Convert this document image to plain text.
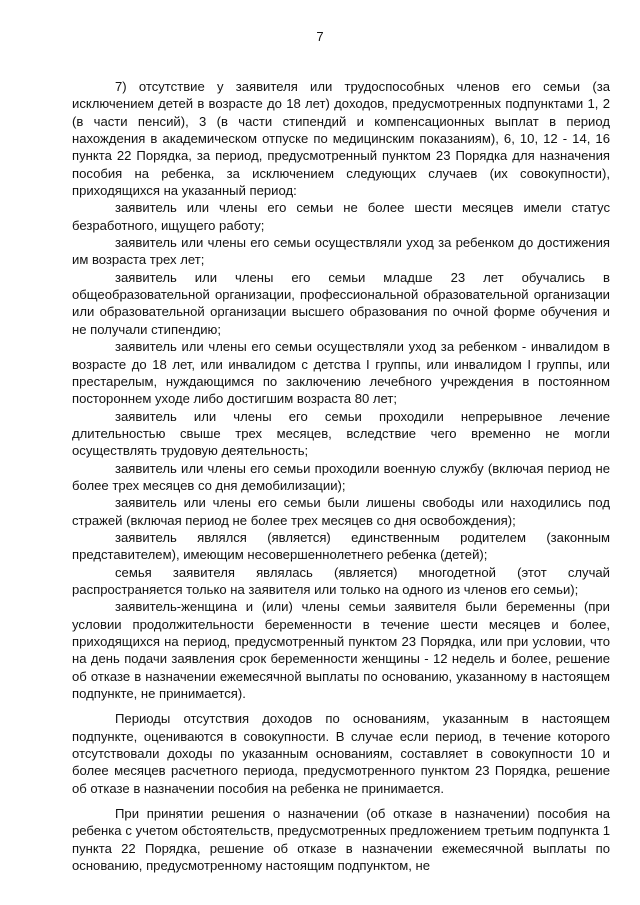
7

7) отсутствие у заявителя или трудоспособных членов его семьи (за исключением детей в возрасте до 18 лет) доходов, предусмотренных подпунктами 1, 2 (в части пенсий), 3 (в части стипендий и компенсационных выплат в период нахождения в академическом отпуске по медицинским показаниям), 6, 10, 12 - 14, 16 пункта 22 Порядка, за период, предусмотренный пунктом 23 Порядка для назначения пособия на ребенка, за исключением следующих случаев (их совокупности), приходящихся на указанный период:

заявитель или члены его семьи не более шести месяцев имели статус безработного, ищущего работу;

заявитель или члены его семьи осуществляли уход за ребенком до достижения им возраста трех лет;

заявитель или члены его семьи младше 23 лет обучались в общеобразовательной организации, профессиональной образовательной организации или образовательной организации высшего образования по очной форме обучения и не получали стипендию;

заявитель или члены его семьи осуществляли уход за ребенком - инвалидом в возрасте до 18 лет, или инвалидом с детства I группы, или инвалидом I группы, или престарелым, нуждающимся по заключению лечебного учреждения в постоянном постороннем уходе либо достигшим возраста 80 лет;

заявитель или члены его семьи проходили непрерывное лечение длительностью свыше трех месяцев, вследствие чего временно не могли осуществлять трудовую деятельность;

заявитель или члены его семьи проходили военную службу (включая период не более трех месяцев со дня демобилизации);

заявитель или члены его семьи были лишены свободы или находились под стражей (включая период не более трех месяцев со дня освобождения);

заявитель являлся (является) единственным родителем (законным представителем), имеющим несовершеннолетнего ребенка (детей);

семья заявителя являлась (является) многодетной (этот случай распространяется только на заявителя или только на одного из членов его семьи);

заявитель-женщина и (или) члены семьи заявителя были беременны (при условии продолжительности беременности в течение шести месяцев и более, приходящихся на период, предусмотренный пунктом 23 Порядка, или при условии, что на день подачи заявления срок беременности женщины - 12 недель и более, решение об отказе в назначении ежемесячной выплаты по основанию, указанному в настоящем подпункте, не принимается).

Периоды отсутствия доходов по основаниям, указанным в настоящем подпункте, оцениваются в совокупности. В случае если период, в течение которого отсутствовали доходы по указанным основаниям, составляет в совокупности 10 и более месяцев расчетного периода, предусмотренного пунктом 23 Порядка, решение об отказе в назначении пособия на ребенка не принимается.

При принятии решения о назначении (об отказе в назначении) пособия на ребенка с учетом обстоятельств, предусмотренных предложением третьим подпункта 1 пункта 22 Порядка, решение об отказе в назначении ежемесячной выплаты по основанию, предусмотренному настоящим подпунктом, не
